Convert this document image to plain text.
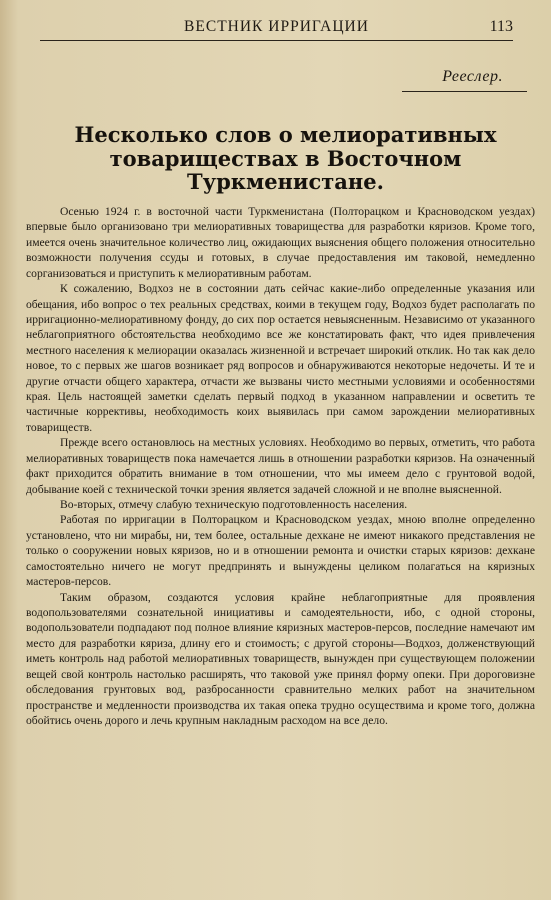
ВЕСТНИК ИРРИГАЦИИ	113
Рееслер.
Несколько слов о мелиоративных товариществах в Восточном Туркменистане.

Осенью 1924 г. в восточной части Туркменистана (Полторацком и Красноводском уездах) впервые было организовано три мелиоративных товарищества для разработки кяризов. Кроме того, имеется очень значительное количество лиц, ожидающих выяснения общего положения относительно возможности получения ссуды и готовых, в случае предоставления им таковой, немедленно сорганизоваться и приступить к мелиоративным работам.

К сожалению, Водхоз не в состоянии дать сейчас какие-либо определенные указания или обещания, ибо вопрос о тех реальных средствах, коими в текущем году, Водхоз будет располагать по ирригационно-мелиоративному фонду, до сих пор остается невыясненным. Независимо от указанного неблагоприятного обстоятельства необходимо все же констатировать факт, что идея привлечения местного населения к мелиорации оказалась жизненной и встречает широкий отклик. Но так как дело новое, то с первых же шагов возникает ряд вопросов и обнаруживаются некоторые недочеты. И те и другие отчасти общего характера, отчасти же вызваны чисто местными условиями и особенностями края. Цель настоящей заметки сделать первый подход в указанном направлении и осветить те частичные коррективы, необходимость коих выявилась при самом зарождении мелиоративных товариществ.

Прежде всего остановлюсь на местных условиях. Необходимо во первых, отметить, что работа мелиоративных товариществ пока намечается лишь в отношении разработки кяризов. На означенный факт приходится обратить внимание в том отношении, что мы имеем дело с грунтовой водой, добывание коей с технической точки зрения является задачей сложной и не вполне выясненной.

Во-вторых, отмечу слабую техническую подготовленность населения.

Работая по ирригации в Полторацком и Красноводском уездах, мною вполне определенно установлено, что ни мирабы, ни, тем более, остальные дехкане не имеют никакого представления не только о сооружении новых кяризов, но и в отношении ремонта и очистки старых кяризов: дехкане самостоятельно ничего не могут предпринять и вынуждены целиком полагаться на кяризных мастеров-персов.

Таким образом, создаются условия крайне неблагоприятные для проявления водопользователями сознательной инициативы и самодеятельности, ибо, с одной стороны, водопользователи подпадают под полное влияние кяризных мастеров-персов, последние намечают им место для разработки кяриза, длину его и стоимость; с другой стороны—Водхоз, долженствующий иметь контроль над работой мелиоративных товариществ, вынужден при существующем положении вещей свой контроль настолько расширять, что таковой уже принял форму опеки. При дороговизне обследования грунтовых вод, разбросанности сравнительно мелких работ на значительном пространстве и медленности производства их такая опека трудно осуществима и кроме того, должна обойтись очень дорого и лечь крупным накладным расходом на все дело.
